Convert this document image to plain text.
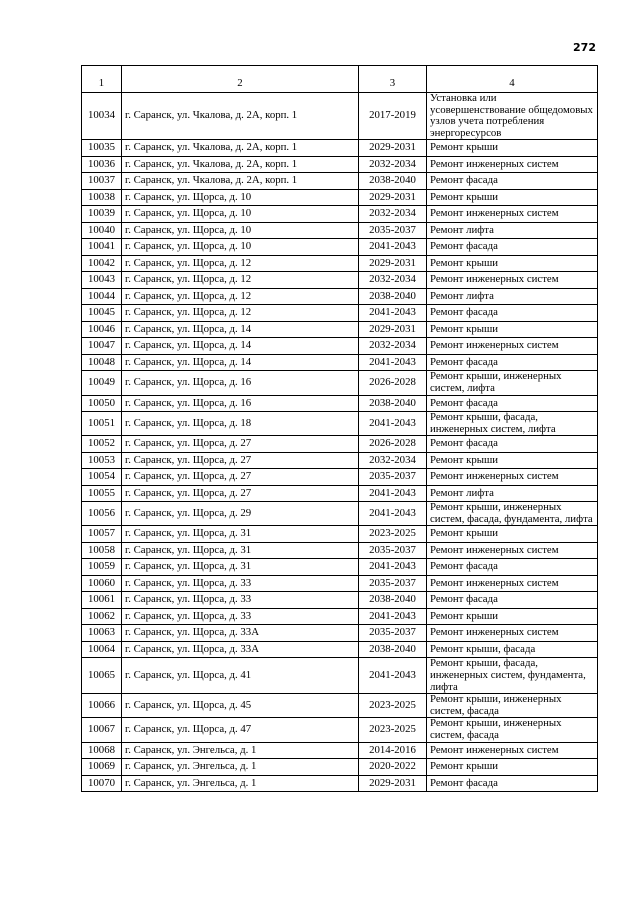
272
1	2	3	4
10034	г. Саранск, ул. Чкалова, д. 2А, корп. 1	2017-2019	Установка или усовершенствование общедомовых узлов учета потребления энергоресурсов
10035	г. Саранск, ул. Чкалова, д. 2А, корп. 1	2029-2031	Ремонт крыши
10036	г. Саранск, ул. Чкалова, д. 2А, корп. 1	2032-2034	Ремонт инженерных систем
10037	г. Саранск, ул. Чкалова, д. 2А, корп. 1	2038-2040	Ремонт фасада
10038	г. Саранск, ул. Щорса, д. 10	2029-2031	Ремонт крыши
10039	г. Саранск, ул. Щорса, д. 10	2032-2034	Ремонт инженерных систем
10040	г. Саранск, ул. Щорса, д. 10	2035-2037	Ремонт лифта
10041	г. Саранск, ул. Щорса, д. 10	2041-2043	Ремонт фасада
10042	г. Саранск, ул. Щорса, д. 12	2029-2031	Ремонт крыши
10043	г. Саранск, ул. Щорса, д. 12	2032-2034	Ремонт инженерных систем
10044	г. Саранск, ул. Щорса, д. 12	2038-2040	Ремонт лифта
10045	г. Саранск, ул. Щорса, д. 12	2041-2043	Ремонт фасада
10046	г. Саранск, ул. Щорса, д. 14	2029-2031	Ремонт крыши
10047	г. Саранск, ул. Щорса, д. 14	2032-2034	Ремонт инженерных систем
10048	г. Саранск, ул. Щорса, д. 14	2041-2043	Ремонт фасада
10049	г. Саранск, ул. Щорса, д. 16	2026-2028	Ремонт крыши, инженерных систем, лифта
10050	г. Саранск, ул. Щорса, д. 16	2038-2040	Ремонт фасада
10051	г. Саранск, ул. Щорса, д. 18	2041-2043	Ремонт крыши, фасада, инженерных систем, лифта
10052	г. Саранск, ул. Щорса, д. 27	2026-2028	Ремонт фасада
10053	г. Саранск, ул. Щорса, д. 27	2032-2034	Ремонт крыши
10054	г. Саранск, ул. Щорса, д. 27	2035-2037	Ремонт инженерных систем
10055	г. Саранск, ул. Щорса, д. 27	2041-2043	Ремонт лифта
10056	г. Саранск, ул. Щорса, д. 29	2041-2043	Ремонт крыши, инженерных систем, фасада, фундамента, лифта
10057	г. Саранск, ул. Щорса, д. 31	2023-2025	Ремонт крыши
10058	г. Саранск, ул. Щорса, д. 31	2035-2037	Ремонт инженерных систем
10059	г. Саранск, ул. Щорса, д. 31	2041-2043	Ремонт фасада
10060	г. Саранск, ул. Щорса, д. 33	2035-2037	Ремонт инженерных систем
10061	г. Саранск, ул. Щорса, д. 33	2038-2040	Ремонт фасада
10062	г. Саранск, ул. Щорса, д. 33	2041-2043	Ремонт крыши
10063	г. Саранск, ул. Щорса, д. 33А	2035-2037	Ремонт инженерных систем
10064	г. Саранск, ул. Щорса, д. 33А	2038-2040	Ремонт крыши, фасада
10065	г. Саранск, ул. Щорса, д. 41	2041-2043	Ремонт крыши, фасада, инженерных систем, фундамента, лифта
10066	г. Саранск, ул. Щорса, д. 45	2023-2025	Ремонт крыши, инженерных систем, фасада
10067	г. Саранск, ул. Щорса, д. 47	2023-2025	Ремонт крыши, инженерных систем, фасада
10068	г. Саранск, ул. Энгельса, д. 1	2014-2016	Ремонт инженерных систем
10069	г. Саранск, ул. Энгельса, д. 1	2020-2022	Ремонт крыши
10070	г. Саранск, ул. Энгельса, д. 1	2029-2031	Ремонт фасада
